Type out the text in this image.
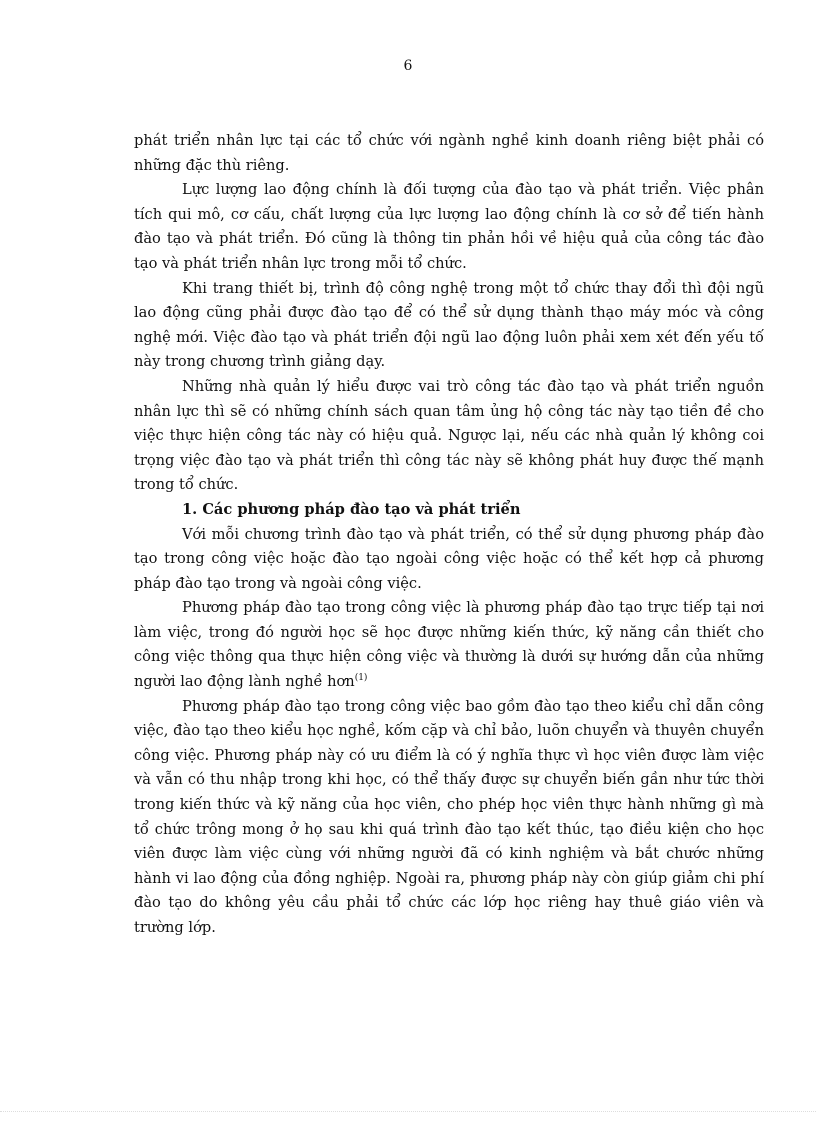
6

phát triển nhân lực tại các tổ chức với ngành nghề kinh doanh riêng biệt phải có những đặc thù riêng.

Lực lượng lao động chính là đối tượng của đào tạo và phát triển. Việc phân tích qui mô, cơ cấu, chất lượng của lực lượng lao động chính là cơ sở để tiến hành đào tạo và phát triển. Đó cũng là thông tin phản hồi về hiệu quả của công tác đào tạo và phát triển nhân lực trong mỗi tổ chức.

Khi trang thiết bị, trình độ công nghệ trong một tổ chức thay đổi thì đội ngũ lao động cũng phải được đào tạo để có thể sử dụng thành thạo máy móc và công nghệ mới. Việc đào tạo và phát triển đội ngũ lao động luôn phải xem xét đến yếu tố này trong chương trình giảng dạy.

Những nhà quản lý hiểu được vai trò công tác đào tạo và phát triển nguồn nhân lực thì sẽ có những chính sách quan tâm ủng hộ công tác này tạo tiền đề cho việc thực hiện công tác này có hiệu quả. Ngược lại, nếu các nhà quản lý không coi trọng việc đào tạo và phát triển thì công tác này sẽ không phát huy được thế mạnh trong tổ chức.

1. Các phương pháp đào tạo và phát triển

Với mỗi chương trình đào tạo và phát triển, có thể sử dụng phương pháp đào tạo trong công việc hoặc đào tạo ngoài công việc hoặc có thể kết hợp cả phương pháp đào tạo trong và ngoài công việc.

Phương pháp đào tạo trong công việc là phương pháp đào tạo trực tiếp tại nơi làm việc, trong đó người học sẽ học được những kiến thức, kỹ năng cần thiết cho công việc thông qua thực hiện công việc và thường là dưới sự hướng dẫn của những người lao động lành nghề hơn$^{(1)}$

Phương pháp đào tạo trong công việc bao gồm đào tạo theo kiểu chỉ dẫn công việc, đào tạo theo kiểu học nghề, kốm cặp và chỉ bảo, luõn chuyển và thuyên chuyển công việc. Phương pháp này có ưu điểm là có ý nghĩa thực vì học viên được làm việc và vẫn có thu nhập trong khi học, có thể thấy được sự chuyển biến gần như tức thời trong kiến thức và kỹ năng của học viên, cho phép học viên thực hành những gì mà tổ chức trông mong ở họ sau khi quá trình đào tạo kết thúc, tạo điều kiện cho học viên được làm việc cùng với những người đã có kinh nghiệm và bắt chước những hành vi lao động của đồng nghiệp. Ngoài ra, phương pháp này còn giúp giảm chi phí đào tạo do không yêu cầu phải tổ chức các lớp học riêng hay thuê giáo viên và trường lớp.
